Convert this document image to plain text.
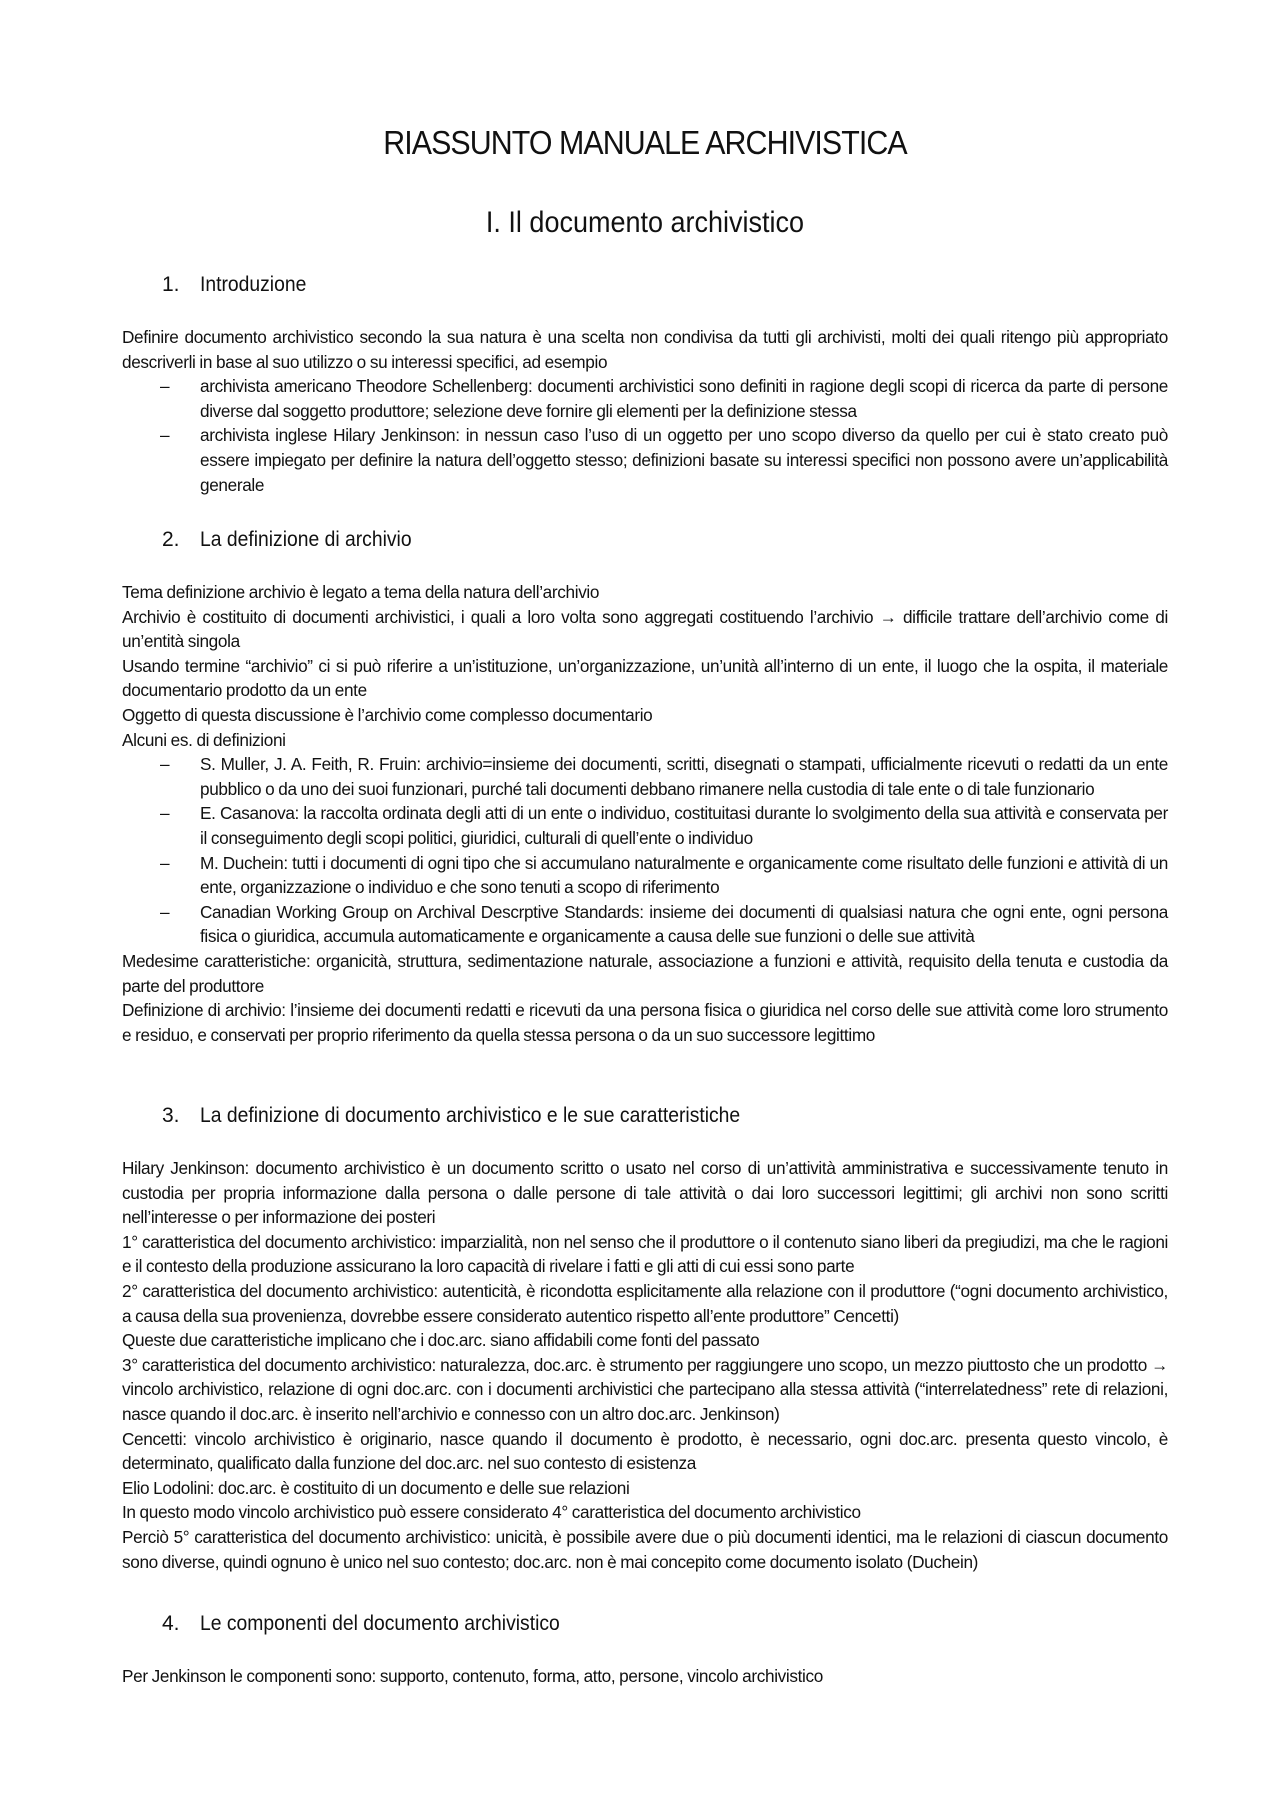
RIASSUNTO MANUALE ARCHIVISTICA
I. Il documento archivistico
1. Introduzione

Definire documento archivistico secondo la sua natura è una scelta non condivisa da tutti gli archivisti, molti dei quali ritengo più appropriato descriverli in base al suo utilizzo o su interessi specifici, ad esempio

– archivista americano Theodore Schellenberg: documenti archivistici sono definiti in ragione degli scopi di ricerca da parte di persone diverse dal soggetto produttore; selezione deve fornire gli elementi per la definizione stessa
– archivista inglese Hilary Jenkinson: in nessun caso l’uso di un oggetto per uno scopo diverso da quello per cui è stato creato può essere impiegato per definire la natura dell’oggetto stesso; definizioni basate su interessi specifici non possono avere un’applicabilità generale
2. La definizione di archivio

Tema definizione archivio è legato a tema della natura dell’archivio

Archivio è costituito di documenti archivistici, i quali a loro volta sono aggregati costituendo l’archivio → difficile trattare dell’archivio come di un’entità singola

Usando termine “archivio” ci si può riferire a un’istituzione, un’organizzazione, un’unità all’interno di un ente, il luogo che la ospita, il materiale documentario prodotto da un ente

Oggetto di questa discussione è l’archivio come complesso documentario

Alcuni es. di definizioni

– S. Muller, J. A. Feith, R. Fruin: archivio=insieme dei documenti, scritti, disegnati o stampati, ufficialmente ricevuti o redatti da un ente pubblico o da uno dei suoi funzionari, purché tali documenti debbano rimanere nella custodia di tale ente o di tale funzionario
– E. Casanova: la raccolta ordinata degli atti di un ente o individuo, costituitasi durante lo svolgimento della sua attività e conservata per il conseguimento degli scopi politici, giuridici, culturali di quell’ente o individuo
– M. Duchein: tutti i documenti di ogni tipo che si accumulano naturalmente e organicamente come risultato delle funzioni e attività di un ente, organizzazione o individuo e che sono tenuti a scopo di riferimento
– Canadian Working Group on Archival Descrptive Standards: insieme dei documenti di qualsiasi natura che ogni ente, ogni persona fisica o giuridica, accumula automaticamente e organicamente a causa delle sue funzioni o delle sue attività

Medesime caratteristiche: organicità, struttura, sedimentazione naturale, associazione a funzioni e attività, requisito della tenuta e custodia da parte del produttore

Definizione di archivio: l’insieme dei documenti redatti e ricevuti da una persona fisica o giuridica nel corso delle sue attività come loro strumento e residuo, e conservati per proprio riferimento da quella stessa persona o da un suo successore legittimo

3. La definizione di documento archivistico e le sue caratteristiche

Hilary Jenkinson: documento archivistico è un documento scritto o usato nel corso di un’attività amministrativa e successivamente tenuto in custodia per propria informazione dalla persona o dalle persone di tale attività o dai loro successori legittimi; gli archivi non sono scritti nell’interesse o per informazione dei posteri

1° caratteristica del documento archivistico: imparzialità, non nel senso che il produttore o il contenuto siano liberi da pregiudizi, ma che le ragioni e il contesto della produzione assicurano la loro capacità di rivelare i fatti e gli atti di cui essi sono parte

2° caratteristica del documento archivistico: autenticità, è ricondotta esplicitamente alla relazione con il produttore (“ogni documento archivistico, a causa della sua provenienza, dovrebbe essere considerato autentico rispetto all’ente produttore” Cencetti)

Queste due caratteristiche implicano che i doc.arc. siano affidabili come fonti del passato

3° caratteristica del documento archivistico: naturalezza, doc.arc. è strumento per raggiungere uno scopo, un mezzo piuttosto che un prodotto → vincolo archivistico, relazione di ogni doc.arc. con i documenti archivistici che partecipano alla stessa attività (“interrelatedness” rete di relazioni, nasce quando il doc.arc. è inserito nell’archivio e connesso con un altro doc.arc. Jenkinson)

Cencetti: vincolo archivistico è originario, nasce quando il documento è prodotto, è necessario, ogni doc.arc. presenta questo vincolo, è determinato, qualificato dalla funzione del doc.arc. nel suo contesto di esistenza

Elio Lodolini: doc.arc. è costituito di un documento e delle sue relazioni

In questo modo vincolo archivistico può essere considerato 4° caratteristica del documento archivistico

Perciò 5° caratteristica del documento archivistico: unicità, è possibile avere due o più documenti identici, ma le relazioni di ciascun documento sono diverse, quindi ognuno è unico nel suo contesto; doc.arc. non è mai concepito come documento isolato (Duchein)

4. Le componenti del documento archivistico

Per Jenkinson le componenti sono: supporto, contenuto, forma, atto, persone, vincolo archivistico
